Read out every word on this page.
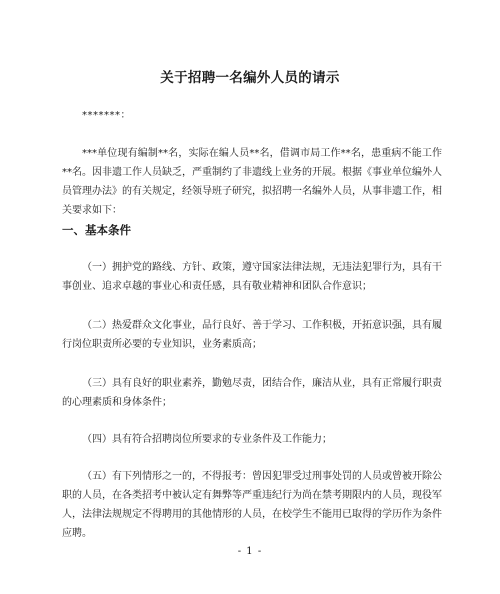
关于招聘一名编外人员的请示
*******：

***单位现有编制**名，实际在编人员**名，借调市局工作**名，患重病不能工作**名。因非遗工作人员缺乏，严重制约了非遗线上业务的开展。根据《事业单位编外人员管理办法》的有关规定，经领导班子研究，拟招聘一名编外人员，从事非遗工作，相关要求如下：

一、基本条件

（一）拥护党的路线、方针、政策，遵守国家法律法规，无违法犯罪行为，具有干事创业、追求卓越的事业心和责任感，具有敬业精神和团队合作意识；

（二）热爱群众文化事业，品行良好、善于学习、工作积极，开拓意识强，具有履行岗位职责所必要的专业知识，业务素质高；

（三）具有良好的职业素养，勤勉尽责，团结合作，廉洁从业，具有正常履行职责的心理素质和身体条件；

（四）具有符合招聘岗位所要求的专业条件及工作能力；

（五）有下列情形之一的，不得报考：曾因犯罪受过刑事处罚的人员或曾被开除公职的人员，在各类招考中被认定有舞弊等严重违纪行为尚在禁考期限内的人员，现役军人，法律法规规定不得聘用的其他情形的人员，在校学生不能用已取得的学历作为条件应聘。

- 1 -
